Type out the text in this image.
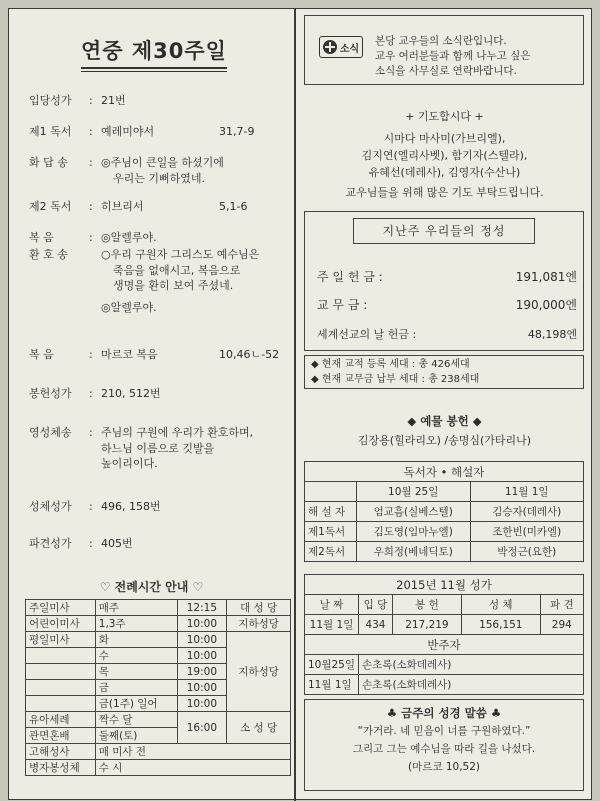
연중 제30주일
입당성가	: 21번
제1 독서	: 예레미야서	31,7-9
화 답 송	: ◎주님이 큰일을 하셨기에
우리는 기뻐하였네.
제2 독서	: 히브리서	5,1-6
복 음	: ◎알렐루야.
환 호 송	○우리 구원자 그리스도 예수님은
죽음을 없애시고, 복음으로
생명을 환히 보여 주셨네.
◎알렐루야.
복 음	: 마르코 복음	10,46ㄴ-52
봉헌성가	: 210, 512번
영성체송	: 주님의 구원에 우리가 환호하며,
하느님 이름으로 깃발을
높이리이다.
성체성가	: 496, 158번
파견성가	: 405번
♡ 전례시간 안내 ♡
주일미사	매주	12:15	대 성 당
어린이미사	1,3주	10:00	지하성당
평일미사	화	10:00	지하성당
	수	10:00	
	목	19:00	
	금	10:00	
	금(1주) 일어	10:00	
유아세례	짝수 달	16:00	소 성 당
관면혼배	둘째(토)		
고해성사	매 미사 전		
병자봉성체	수 시		
소식
본당 교우들의 소식란입니다.
교우 여러분들과 함께 나누고 싶은
소식을 사무실로 연락바랍니다.
+ 기도합시다 +
시마다 마사미(가브리엘),
김지연(엘리사벳), 함기자(스텔라),
유혜선(데레사), 김영자(수산나)
교우님들을 위해 많은 기도 부탁드립니다.
지난주 우리들의 정성
주 일 헌 금 :	191,081엔
교 무 금 :	190,000엔
세계선교의 날 헌금 :	48,198엔
◆ 현재 교적 등록 세대 : 총 426세대
◆ 현재 교무금 납부 세대 : 총 238세대
◆ 예물 봉헌 ◆
김장용(힐라리오) /송명심(가타리나)
독서자 • 해설자		
	10월 25일	11월 1일
해 설 자	엄교흠(실베스텔)	김승자(데레사)
제1독서	김도영(임마누엘)	조한빈(미카엘)
제2독서	우희정(베네딕토)	박정근(요한)
2015년 11월 성가				
날 짜	입 당	봉 헌	성 체	파 견
11월 1일	434	217,219	156,151	294
반주자				
10월25일	손초록(소화데레사)			
11월 1일	손초록(소화데레사)			
♣ 금주의 성경 말씀 ♣
“가거라. 네 믿음이 너를 구원하였다.”
그리고 그는 예수님을 따라 길을 나섰다.
(마르코 10,52)
